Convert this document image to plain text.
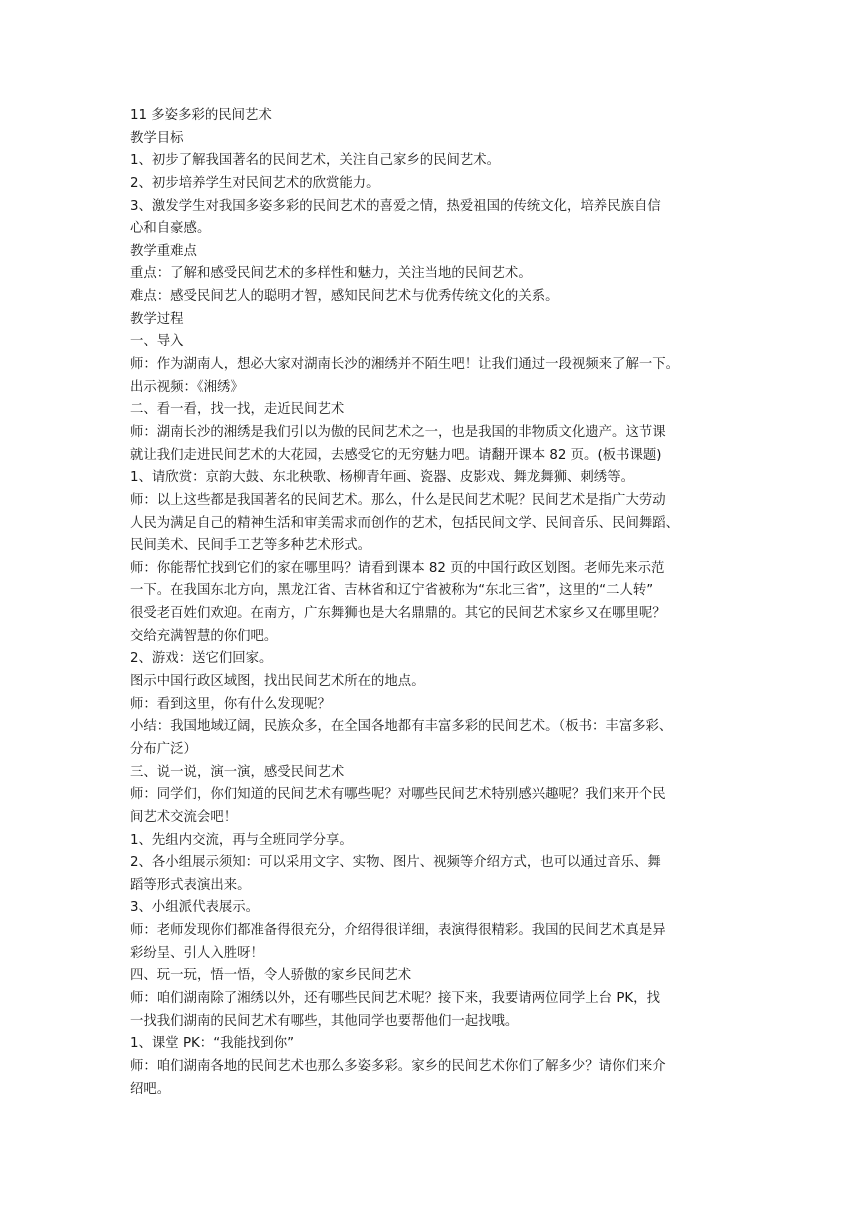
11 多姿多彩的民间艺术
教学目标
1、初步了解我国著名的民间艺术，关注自己家乡的民间艺术。
2、初步培养学生对民间艺术的欣赏能力。
3、激发学生对我国多姿多彩的民间艺术的喜爱之情，热爱祖国的传统文化，培养民族自信
心和自豪感。
教学重难点
重点：了解和感受民间艺术的多样性和魅力，关注当地的民间艺术。
难点：感受民间艺人的聪明才智，感知民间艺术与优秀传统文化的关系。
教学过程
一、导入
师：作为湖南人，想必大家对湖南长沙的湘绣并不陌生吧！让我们通过一段视频来了解一下。
出示视频：《湘绣》
二、看一看，找一找，走近民间艺术
师：湖南长沙的湘绣是我们引以为傲的民间艺术之一，也是我国的非物质文化遗产。这节课
就让我们走进民间艺术的大花园，去感受它的无穷魅力吧。请翻开课本 82 页。(板书课题)
1、请欣赏：京韵大鼓、东北秧歌、杨柳青年画、瓷器、皮影戏、舞龙舞狮、刺绣等。
师：以上这些都是我国著名的民间艺术。那么，什么是民间艺术呢？民间艺术是指广大劳动
人民为满足自己的精神生活和审美需求而创作的艺术，包括民间文学、民间音乐、民间舞蹈、
民间美术、民间手工艺等多种艺术形式。
师：你能帮忙找到它们的家在哪里吗？请看到课本 82 页的中国行政区划图。老师先来示范
一下。在我国东北方向，黑龙江省、吉林省和辽宁省被称为“东北三省”，这里的“二人转”
很受老百姓们欢迎。在南方，广东舞狮也是大名鼎鼎的。其它的民间艺术家乡又在哪里呢？
交给充满智慧的你们吧。
2、游戏：送它们回家。
图示中国行政区域图，找出民间艺术所在的地点。
师：看到这里，你有什么发现呢？
小结：我国地域辽阔，民族众多，在全国各地都有丰富多彩的民间艺术。（板书：丰富多彩、
分布广泛）
三、说一说，演一演，感受民间艺术
师：同学们，你们知道的民间艺术有哪些呢？对哪些民间艺术特别感兴趣呢？我们来开个民
间艺术交流会吧！
1、先组内交流，再与全班同学分享。
2、各小组展示须知：可以采用文字、实物、图片、视频等介绍方式，也可以通过音乐、舞
蹈等形式表演出来。
3、小组派代表展示。
师：老师发现你们都准备得很充分，介绍得很详细，表演得很精彩。我国的民间艺术真是异
彩纷呈、引人入胜呀！
四、玩一玩，悟一悟，令人骄傲的家乡民间艺术
师：咱们湖南除了湘绣以外，还有哪些民间艺术呢？接下来，我要请两位同学上台 PK，找
一找我们湖南的民间艺术有哪些，其他同学也要帮他们一起找哦。
1、课堂 PK：“我能找到你”
师：咱们湖南各地的民间艺术也那么多姿多彩。家乡的民间艺术你们了解多少？请你们来介
绍吧。
